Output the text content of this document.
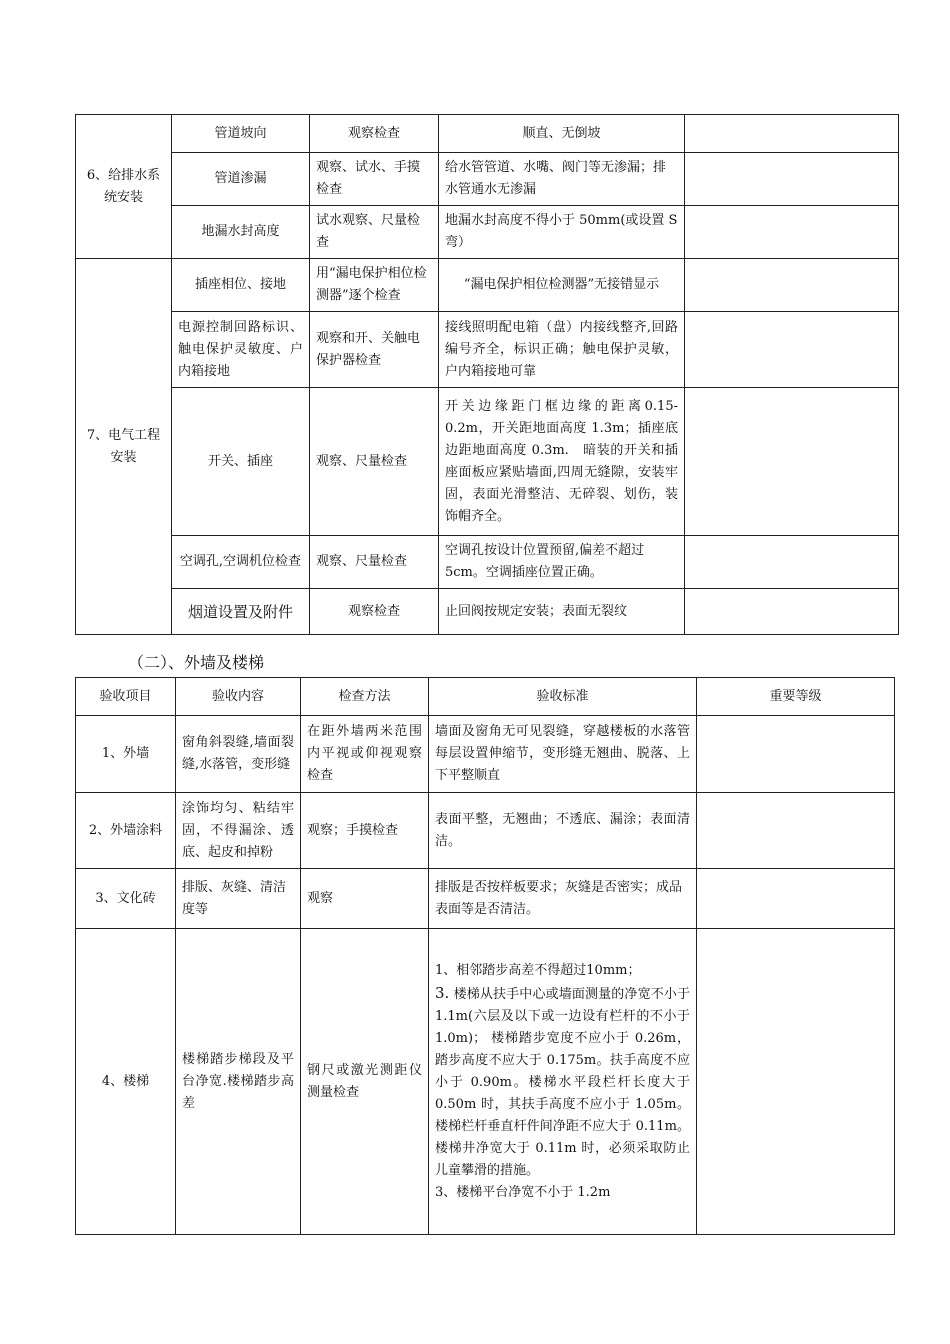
6、给排水系统安装	管道坡向	观察检查	顺直、无倒坡	
	管道渗漏	观察、试水、手摸检查	给水管管道、水嘴、阀门等无渗漏；排水管通水无渗漏	
	地漏水封高度	试水观察、尺量检查	地漏水封高度不得小于 50mm(或设置 S 弯）	
7、电气工程安装	插座相位、接地	用“漏电保护相位检测器”逐个检查	“漏电保护相位检测器”无接错显示	
	电源控制回路标识、触电保护灵敏度、户内箱接地	观察和开、关触电保护器检查	接线照明配电箱（盘）内接线整齐,回路编号齐全，标识正确；触电保护灵敏，户内箱接地可靠	
	开关、插座	观察、尺量检查	开关边缘距门框边缘的距离0.15-0.2m，开关距地面高度 1.3m；插座底边距地面高度 0.3m.　暗装的开关和插座面板应紧贴墙面,四周无缝隙，安装牢固，表面光滑整洁、无碎裂、划伤，装饰帽齐全。	
	空调孔,空调机位检查	观察、尺量检查	空调孔按设计位置预留,偏差不超过5cm。空调插座位置正确。	
	烟道设置及附件	观察检查	止回阀按规定安装；表面无裂纹	
（二）、外墙及楼梯
验收项目	验收内容	检查方法	验收标准	重要等级
1、外墙	窗角斜裂缝,墙面裂缝,水落管，变形缝	在距外墙两米范围内平视或仰视观察检查	墙面及窗角无可见裂缝，穿越楼板的水落管每层设置伸缩节，变形缝无翘曲、脱落、上下平整顺直	
2、外墙涂料	涂饰均匀、粘结牢固，不得漏涂、透底、起皮和掉粉	观察；手摸检查	表面平整，无翘曲；不透底、漏涂；表面清洁。	
3、文化砖	排版、灰缝、清洁度等	观察	排版是否按样板要求；灰缝是否密实；成品表面等是否清洁。	
4、楼梯	楼梯踏步梯段及平台净宽.楼梯踏步高差	钢尺或激光测距仪测量检查	1、相邻踏步高差不得超过10mm；
3. 楼梯从扶手中心或墙面测量的净宽不小于 1.1m(六层及以下或一边设有栏杆的不小于 1.0m)； 楼梯踏步宽度不应小于 0.26m，踏步高度不应大于 0.175m。扶手高度不应小于 0.90m。楼梯水平段栏杆长度大于 0.50m 时，其扶手高度不应小于 1.05m。楼梯栏杆垂直杆件间净距不应大于 0.11m。楼梯井净宽大于 0.11m 时，必须采取防止儿童攀滑的措施。
3、楼梯平台净宽不小于 1.2m	
